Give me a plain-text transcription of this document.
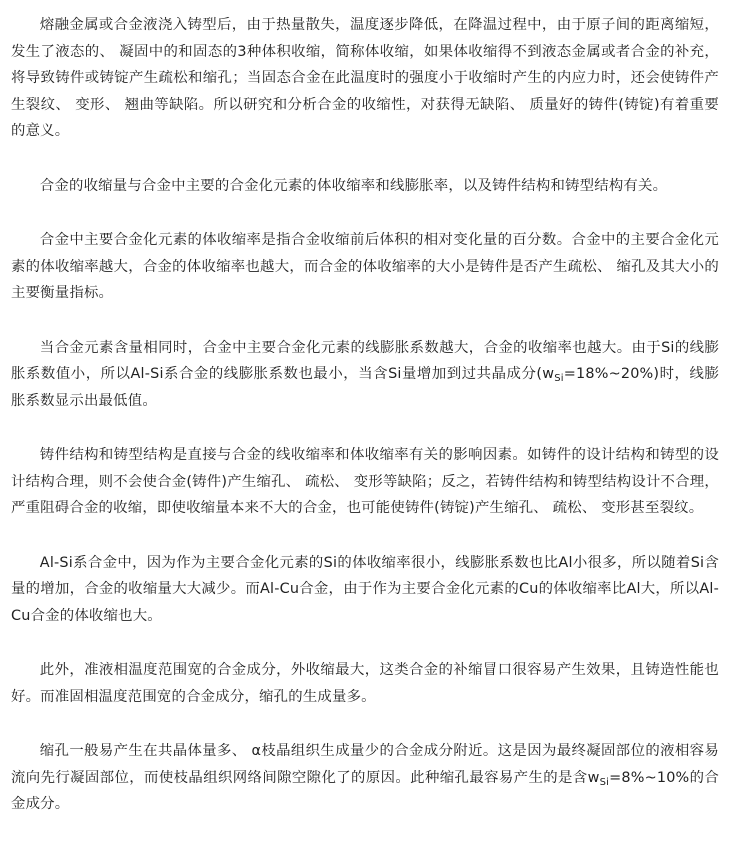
熔融金属或合金液浇入铸型后，由于热量散失，温度逐步降低，在降温过程中，由于原子间的距离缩短，发生了液态的、 凝固中的和固态的3种体积收缩，简称体收缩，如果体收缩得不到液态金属或者合金的补充，将导致铸件或铸锭产生疏松和缩孔；当固态合金在此温度时的强度小于收缩时产生的内应力时，还会使铸件产生裂纹、 变形、 翘曲等缺陷。所以研究和分析合金的收缩性，对获得无缺陷、 质量好的铸件(铸锭)有着重要的意义。

合金的收缩量与合金中主要的合金化元素的体收缩率和线膨胀率，以及铸件结构和铸型结构有关。

合金中主要合金化元素的体收缩率是指合金收缩前后体积的相对变化量的百分数。合金中的主要合金化元素的体收缩率越大，合金的体收缩率也越大，而合金的体收缩率的大小是铸件是否产生疏松、 缩孔及其大小的主要衡量指标。

当合金元素含量相同时，合金中主要合金化元素的线膨胀系数越大，合金的收缩率也越大。由于Si的线膨胀系数值小，所以Al-Si系合金的线膨胀系数也最小，当含Si量增加到过共晶成分$(w_{Si}=18\%\sim 20\%)$时，线膨胀系数显示出最低值。

铸件结构和铸型结构是直接与合金的线收缩率和体收缩率有关的影响因素。如铸件的设计结构和铸型的设计结构合理，则不会使合金(铸件)产生缩孔、 疏松、 变形等缺陷；反之，若铸件结构和铸型结构设计不合理，严重阻碍合金的收缩，即使收缩量本来不大的合金，也可能使铸件(铸锭)产生缩孔、 疏松、 变形甚至裂纹。

Al-Si系合金中，因为作为主要合金化元素的Si的体收缩率很小，线膨胀系数也比Al小很多，所以随着Si含量的增加，合金的收缩量大大减少。而Al-Cu合金，由于作为主要合金化元素的Cu的体收缩率比Al大，所以Al-Cu合金的体收缩也大。

此外，准液相温度范围宽的合金成分，外收缩最大，这类合金的补缩冒口很容易产生效果，且铸造性能也好。而准固相温度范围宽的合金成分，缩孔的生成量多。

缩孔一般易产生在共晶体量多、 α枝晶组织生成量少的合金成分附近。这是因为最终凝固部位的液相容易流向先行凝固部位，而使枝晶组织网络间隙空隙化了的原因。此种缩孔最容易产生的是含$w_{Si}=8\%\sim 10\%$的合金成分。
